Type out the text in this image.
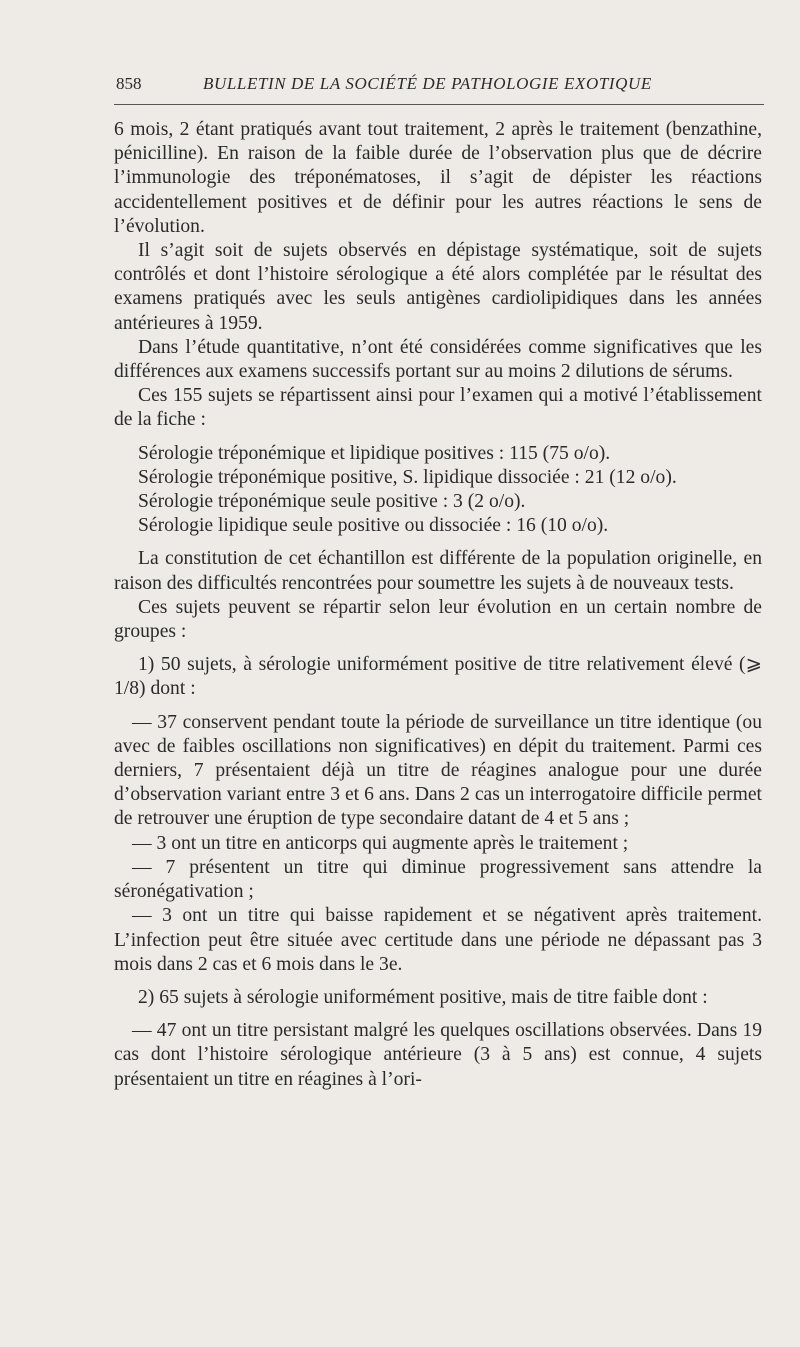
858	BULLETIN DE LA SOCIÉTÉ DE PATHOLOGIE EXOTIQUE

6 mois, 2 étant pratiqués avant tout traitement, 2 après le traitement (benzathine, pénicilline). En raison de la faible durée de l’observation plus que de décrire l’immunologie des tréponématoses, il s’agit de dépister les réactions accidentellement positives et de définir pour les autres réactions le sens de l’évolution.

Il s’agit soit de sujets observés en dépistage systématique, soit de sujets contrôlés et dont l’histoire sérologique a été alors complétée par le résultat des examens pratiqués avec les seuls antigènes cardiolipidiques dans les années antérieures à 1959.

Dans l’étude quantitative, n’ont été considérées comme significatives que les différences aux examens successifs portant sur au moins 2 dilutions de sérums.

Ces 155 sujets se répartissent ainsi pour l’examen qui a motivé l’établissement de la fiche :

Sérologie tréponémique et lipidique positives : 115 (75 o/o).

Sérologie tréponémique positive, S. lipidique dissociée : 21 (12 o/o).

Sérologie tréponémique seule positive : 3 (2 o/o).

Sérologie lipidique seule positive ou dissociée : 16 (10 o/o).

La constitution de cet échantillon est différente de la population originelle, en raison des difficultés rencontrées pour soumettre les sujets à de nouveaux tests.

Ces sujets peuvent se répartir selon leur évolution en un certain nombre de groupes :

1) 50 sujets, à sérologie uniformément positive de titre relativement élevé (⩾ 1/8) dont :

— 37 conservent pendant toute la période de surveillance un titre identique (ou avec de faibles oscillations non significatives) en dépit du traitement. Parmi ces derniers, 7 présentaient déjà un titre de réagines analogue pour une durée d’observation variant entre 3 et 6 ans. Dans 2 cas un interrogatoire difficile permet de retrouver une éruption de type secondaire datant de 4 et 5 ans ;

— 3 ont un titre en anticorps qui augmente après le traitement ;

— 7 présentent un titre qui diminue progressivement sans attendre la séronégativation ;

— 3 ont un titre qui baisse rapidement et se négativent après traitement. L’infection peut être située avec certitude dans une période ne dépassant pas 3 mois dans 2 cas et 6 mois dans le 3e.

2) 65 sujets à sérologie uniformément positive, mais de titre faible dont :

— 47 ont un titre persistant malgré les quelques oscillations observées. Dans 19 cas dont l’histoire sérologique antérieure (3 à 5 ans) est connue, 4 sujets présentaient un titre en réagines à l’ori-
